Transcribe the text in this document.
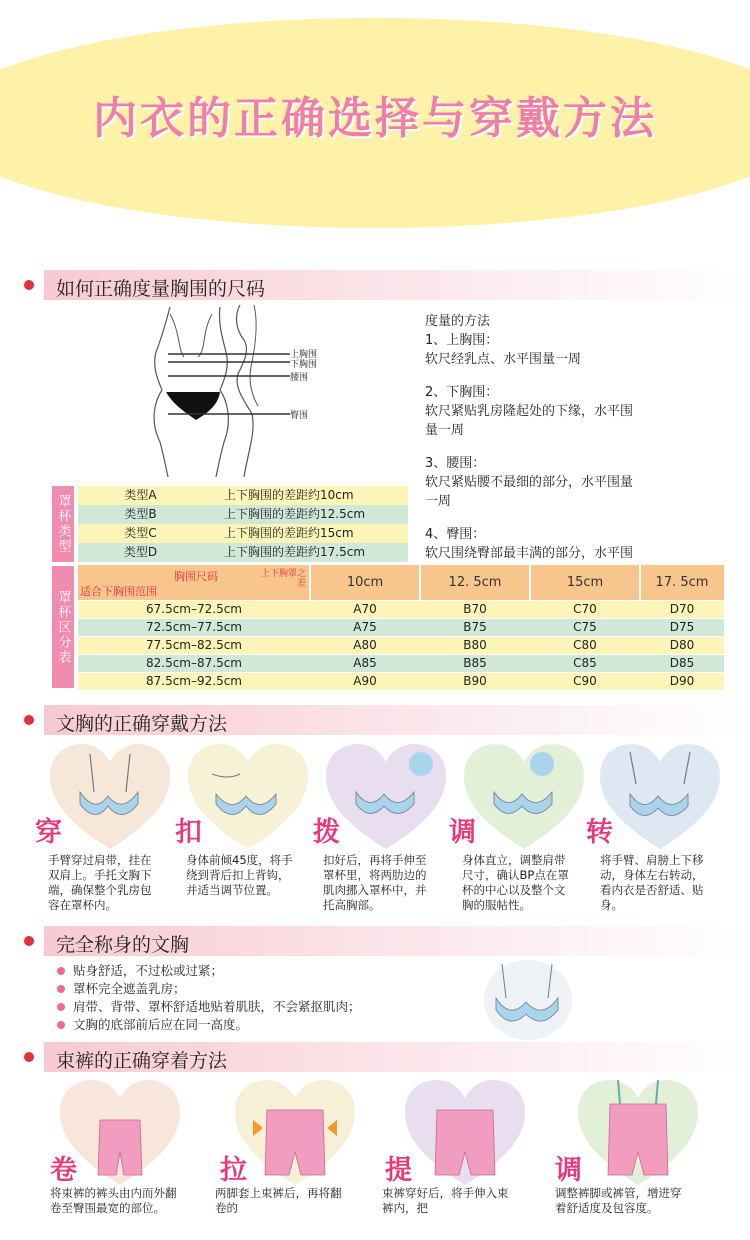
内衣的正确选择与穿戴方法
如何正确度量胸围的尺码
上胸围
下胸围
腰围
臀围
度量的方法
1、上胸围：
软尺经乳点、水平围量一周
2、下胸围：
软尺紧贴乳房隆起处的下缘，水平围
量一周
3、腰围：
软尺紧贴腰不最细的部分，水平围量
一周
4、臀围：
软尺围绕臀部最丰满的部分，水平围
罩杯类型	类型A	上下胸围的差距约10cm
类型B	上下胸围的差距约12.5cm
类型C	上下胸围的差距约15cm
类型D	上下胸围的差距约17.5cm
罩杯区分表
胸围尺码	上下胸罩之差
适合下胸围范围
10cm	12. 5cm	15cm	17. 5cm
67.5cm–72.5cm	A70	B70	C70	D70
72.5cm–77.5cm	A75	B75	C75	D75
77.5cm–82.5cm	A80	B80	C80	D80
82.5cm–87.5cm	A85	B85	C85	D85
87.5cm–92.5cm	A90	B90	C90	D90
文胸的正确穿戴方法
穿	扣	拨	调	转
手臂穿过肩带，挂在
双肩上。手托文胸下
端，确保整个乳房包
容在罩杯内。
身体前倾45度，将手
绕到背后扣上背钩，
并适当调节位置。
扣好后，再将手伸至
罩杯里，将两肋边的
肌肉挪入罩杯中，并
托高胸部。
身体直立，调整肩带
尺寸，确认BP点在罩
杯的中心以及整个文
胸的服帖性。
将手臂、肩膀上下移
动，身体左右转动，
看内衣是否舒适、贴
身。
完全称身的文胸
贴身舒适，不过松或过紧；
罩杯完全遮盖乳房；
肩带、背带、罩杯舒适地贴着肌肤，不会紧抠肌肉；
文胸的底部前后应在同一高度。
束裤的正确穿着方法
卷	拉	提	调
将束裤的裤头由内而外翻
卷至臀围最宽的部位。
两脚套上束裤后，再将翻
卷的
束裤穿好后，将手伸入束
裤内，把
调整裤脚或裤管，增进穿
着舒适度及包容度。
